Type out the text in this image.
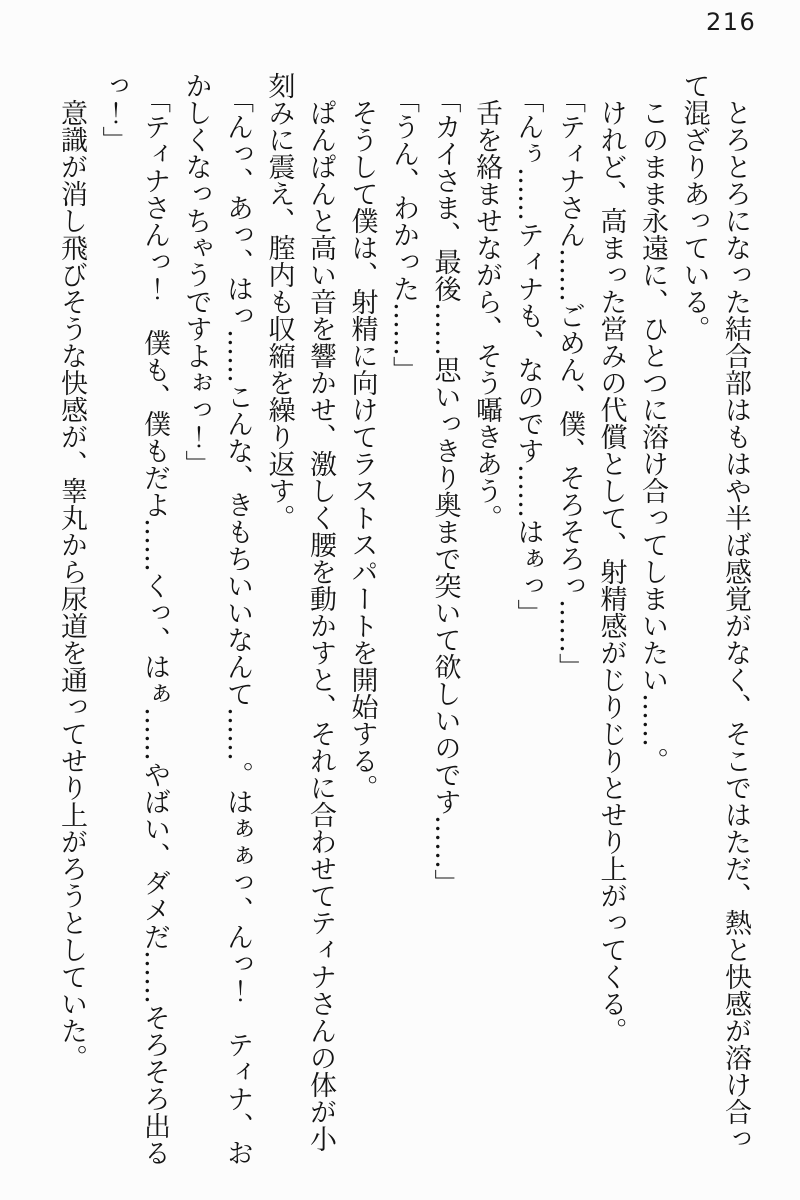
216

とろとろになった結合部はもはや半ば感覚がなく、そこではただ、熱と快感が溶け合って混ざりあっている。

このまま永遠に、ひとつに溶け合ってしまいたい……。

けれど、高まった営みの代償として、射精感がじりじりとせり上がってくる。

「ティナさん……ごめん、僕、そろそろっ……」

「んぅ……ティナも、なのです……はぁっ」

舌を絡ませながら、そう囁きあう。

「カイさま、最後……思いっきり奥まで突いて欲しいのです……」

「うん、わかった……」

そうして僕は、射精に向けてラストスパートを開始する。

ぱんぱんと高い音を響かせ、激しく腰を動かすと、それに合わせてティナさんの体が小刻みに震え、腟内も収縮を繰り返す。

「んっ、あっ、はっ……こんな、きもちいいなんて……。はぁぁっ、んっ！　ティナ、おかしくなっちゃうですよぉっ！」

「ティナさんっ！　僕も、僕もだよ……くっ、はぁ……やばい、ダメだ……そろそろ出るっ！」

意識が消し飛びそうな快感が、睾丸から尿道を通ってせり上がろうとしていた。
